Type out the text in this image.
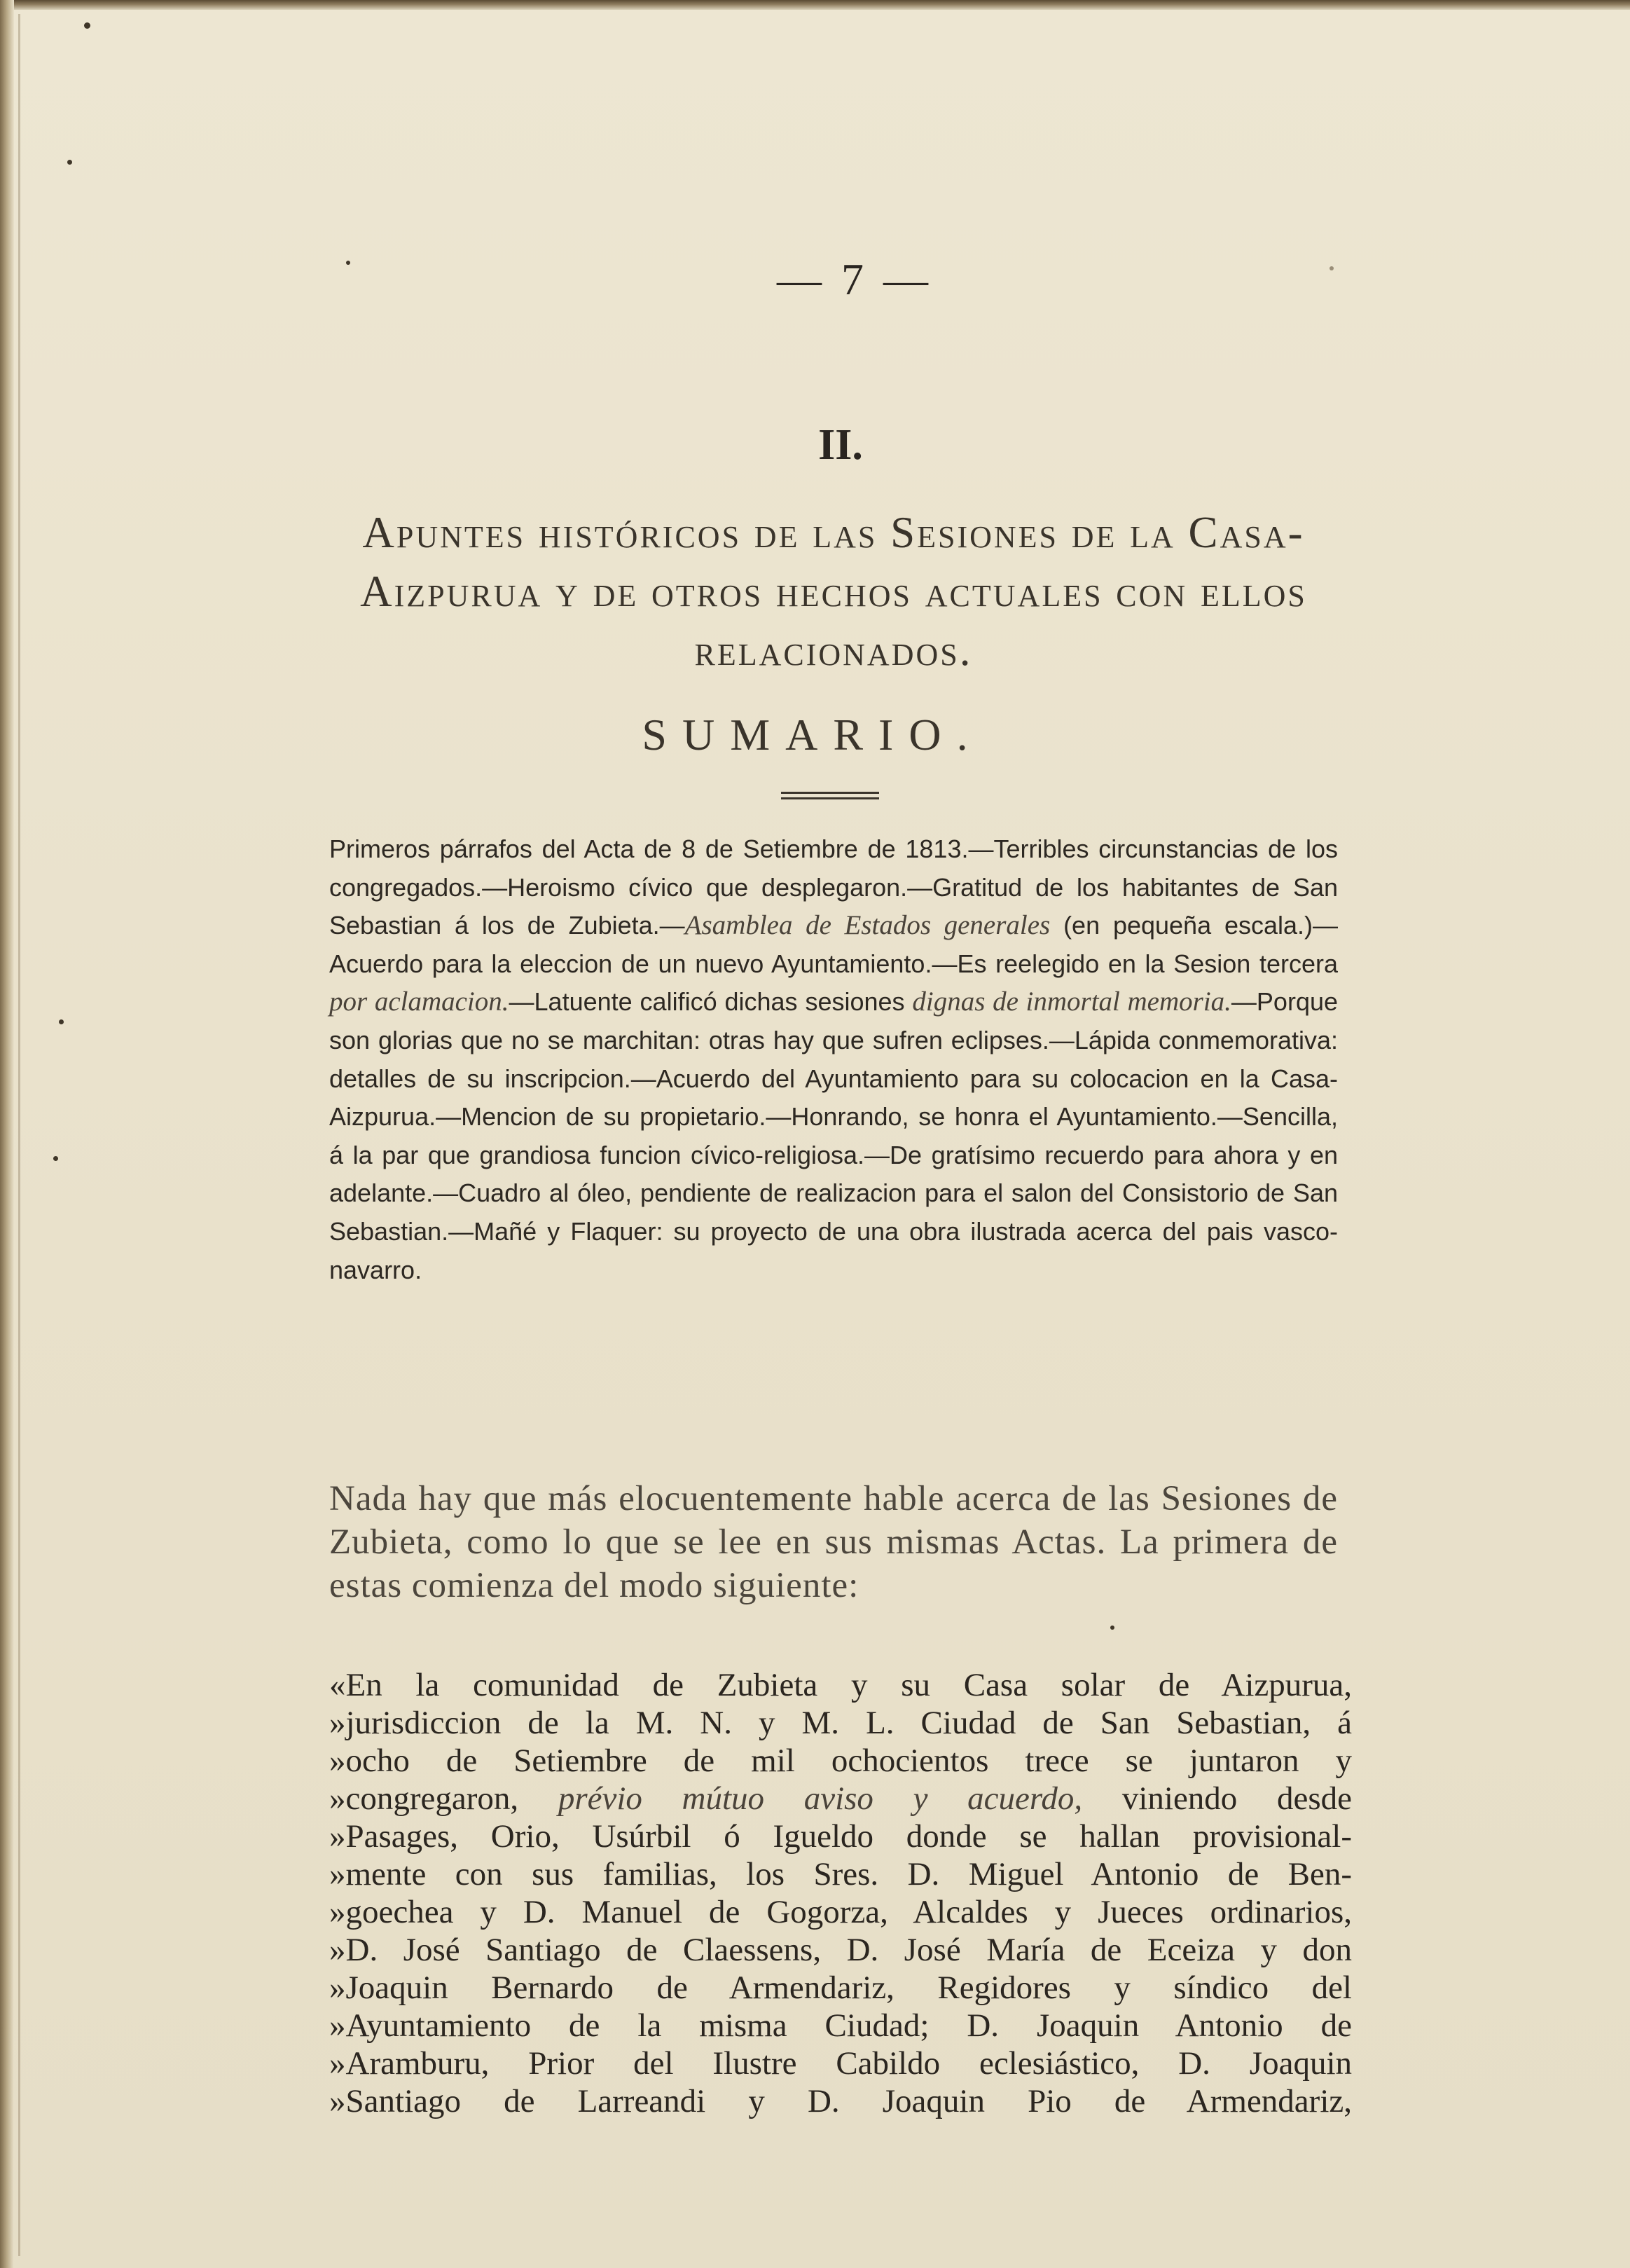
— 7 —
II.
Apuntes históricos de las Sesiones de la Casa-
Aizpurua y de otros hechos actuales con ellos
relacionados.
SUMARIO.
Primeros párrafos del Acta de 8 de Setiembre de 1813.—Terribles circunstancias de los congregados.—Heroismo cívico que desplegaron.—Gratitud de los habitantes de San Sebastian á los de Zubieta.—Asamblea de Estados generales (en pequeña escala.)—Acuerdo para la eleccion de un nuevo Ayuntamiento.—Es reelegido en la Sesion tercera por aclamacion.—Latuente calificó dichas sesiones dignas de inmortal memoria.—Porque son glorias que no se marchitan: otras hay que sufren eclipses.—Lápida conmemorativa: detalles de su inscripcion.—Acuerdo del Ayuntamiento para su colocacion en la Casa-Aizpurua.—Mencion de su propietario.—Honrando, se honra el Ayuntamiento.—Sencilla, á la par que grandiosa funcion cívico-religiosa.—De gratísimo recuerdo para ahora y en adelante.—Cuadro al óleo, pendiente de realizacion para el salon del Consistorio de San Sebastian.—Mañé y Flaquer: su proyecto de una obra ilustrada acerca del pais vasco-navarro.
Nada hay que más elocuentemente hable acerca de las Sesiones de Zubieta, como lo que se lee en sus mismas Actas. La primera de estas comienza del modo siguiente:
«En la comunidad de Zubieta y su Casa solar de Aizpurua,
»jurisdiccion de la M. N. y M. L. Ciudad de San Sebastian, á
»ocho de Setiembre de mil ochocientos trece se juntaron y
»congregaron, prévio mútuo aviso y acuerdo, viniendo desde
»Pasages, Orio, Usúrbil ó Igueldo donde se hallan provisional-
»mente con sus familias, los Sres. D. Miguel Antonio de Ben-
»goechea y D. Manuel de Gogorza, Alcaldes y Jueces ordinarios,
»D. José Santiago de Claessens, D. José María de Eceiza y don
»Joaquin Bernardo de Armendariz, Regidores y síndico del
»Ayuntamiento de la misma Ciudad; D. Joaquin Antonio de
»Aramburu, Prior del Ilustre Cabildo eclesiástico, D. Joaquin
»Santiago de Larreandi y D. Joaquin Pio de Armendariz,
